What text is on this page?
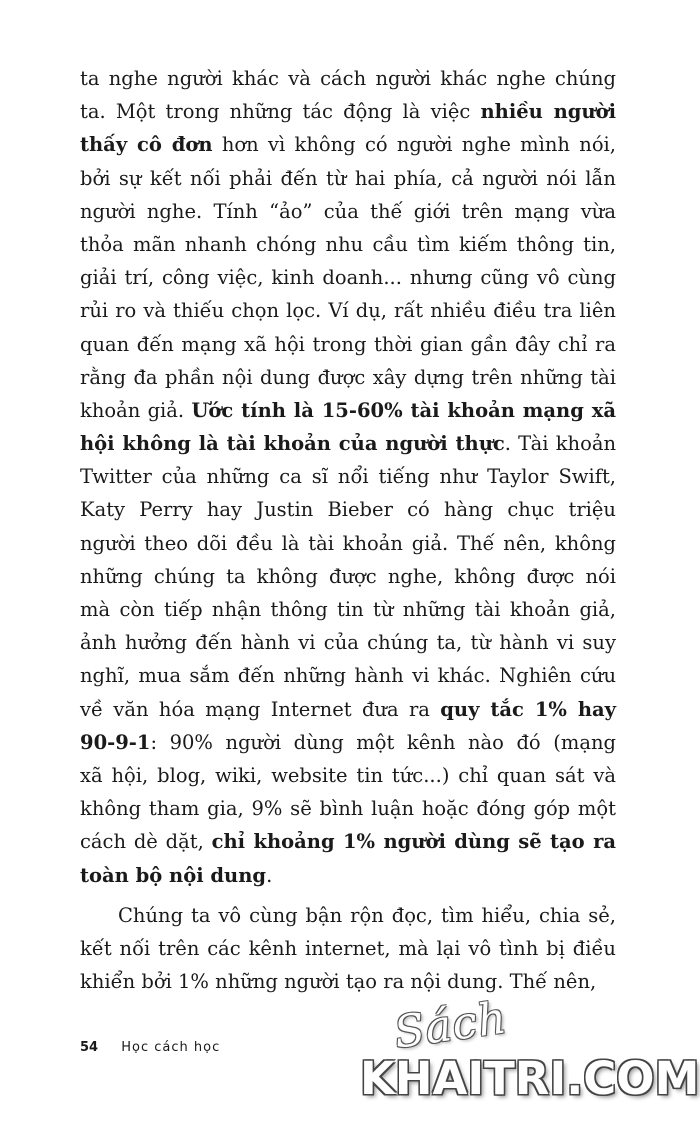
ta nghe người khác và cách người khác nghe chúng
ta. Một trong những tác động là việc nhiều người
thấy cô đơn hơn vì không có người nghe mình nói,
bởi sự kết nối phải đến từ hai phía, cả người nói lẫn
người nghe. Tính “ảo” của thế giới trên mạng vừa
thỏa mãn nhanh chóng nhu cầu tìm kiếm thông tin,
giải trí, công việc, kinh doanh... nhưng cũng vô cùng
rủi ro và thiếu chọn lọc. Ví dụ, rất nhiều điều tra liên
quan đến mạng xã hội trong thời gian gần đây chỉ ra
rằng đa phần nội dung được xây dựng trên những tài
khoản giả. Ước tính là 15-60% tài khoản mạng xã
hội không là tài khoản của người thực. Tài khoản
Twitter của những ca sĩ nổi tiếng như Taylor Swift,
Katy Perry hay Justin Bieber có hàng chục triệu
người theo dõi đều là tài khoản giả. Thế nên, không
những chúng ta không được nghe, không được nói
mà còn tiếp nhận thông tin từ những tài khoản giả,
ảnh hưởng đến hành vi của chúng ta, từ hành vi suy
nghĩ, mua sắm đến những hành vi khác. Nghiên cứu
về văn hóa mạng Internet đưa ra quy tắc 1% hay
90-9-1: 90% người dùng một kênh nào đó (mạng
xã hội, blog, wiki, website tin tức...) chỉ quan sát và
không tham gia, 9% sẽ bình luận hoặc đóng góp một
cách dè dặt, chỉ khoảng 1% người dùng sẽ tạo ra
toàn bộ nội dung.
Chúng ta vô cùng bận rộn đọc, tìm hiểu, chia sẻ,
kết nối trên các kênh internet, mà lại vô tình bị điều
khiển bởi 1% những người tạo ra nội dung. Thế nên,
54 Học cách học	Sách
KHAITRI.COM
